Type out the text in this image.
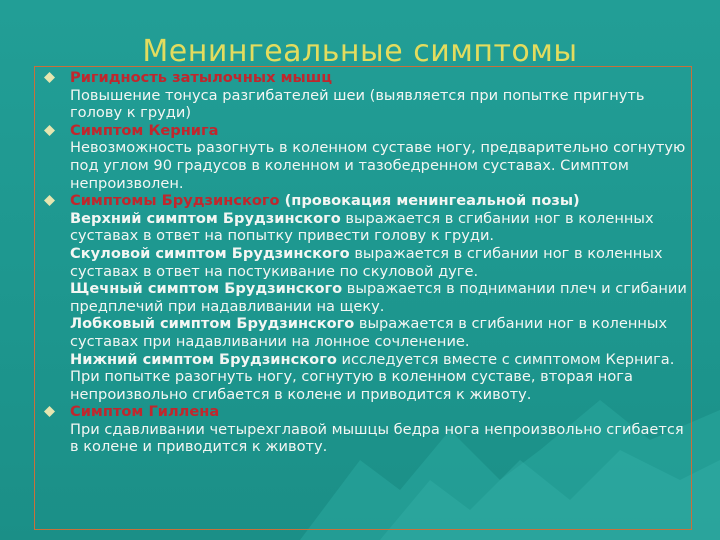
Менингеальные симптомы
Ригидность затылочных мышц
Повышение тонуса разгибателей шеи (выявляется при попытке пригнуть голову к груди)
Симптом Кернига
Невозможность разогнуть в коленном суставе ногу, предварительно согнутую под углом 90 градусов в коленном и тазобедренном суставах. Симптом непроизволен.
Симптомы Брудзинского (провокация менингеальной позы)
Верхний симптом Брудзинского выражается в сгибании ног в коленных суставах в ответ на попытку привести голову к груди.
Скуловой симптом Брудзинского выражается в сгибании ног в коленных суставах в ответ на постукивание по скуловой дуге.
Щечный симптом Брудзинского выражается в поднимании плеч и сгибании предплечий при надавливании на щеку.
Лобковый симптом Брудзинского выражается в сгибании ног в коленных суставах при надавливании на лонное сочленение.
Нижний симптом Брудзинского исследуется вместе с симптомом Кернига. При попытке разогнуть ногу, согнутую в коленном суставе, вторая нога непроизвольно сгибается в колене и приводится к животу.
Симптом Гиллена
При сдавливании четырехглавой мышцы бедра нога непроизвольно сгибается в колене и приводится к животу.
